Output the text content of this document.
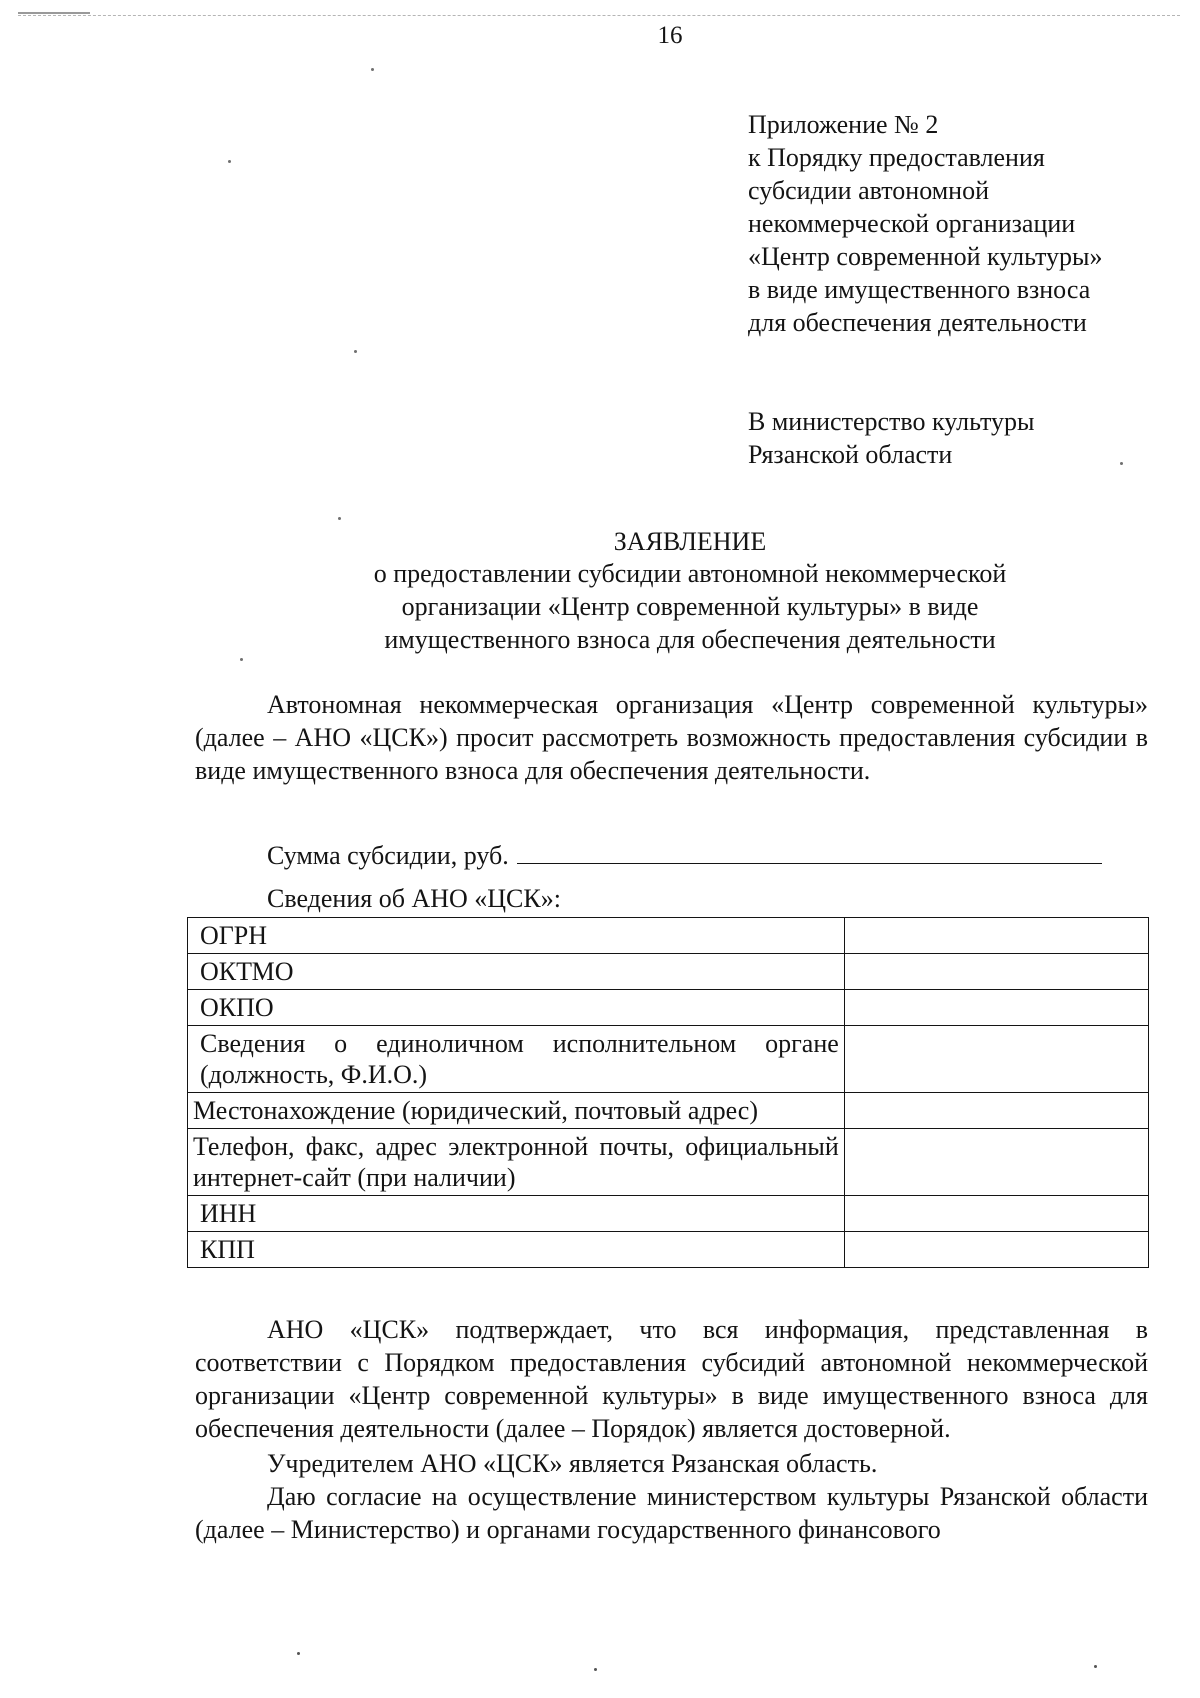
16
Приложение № 2
к Порядку предоставления
субсидии автономной
некоммерческой организации
«Центр современной культуры»
в виде имущественного взноса
для обеспечения деятельности
В министерство культуры
Рязанской области
ЗАЯВЛЕНИЕ
о предоставлении субсидии автономной некоммерческой
организации «Центр современной культуры» в виде
имущественного взноса для обеспечения деятельности
Автономная некоммерческая организация «Центр современной культуры» (далее – АНО «ЦСК») просит рассмотреть возможность предоставления субсидии в виде имущественного взноса для обеспечения деятельности.
Сумма субсидии, руб.
Сведения об АНО «ЦСК»:
ОГРН	
ОКТМО	
ОКПО	
Сведения о единоличном исполнительном органе (должность, Ф.И.О.)	
Местонахождение (юридический, почтовый адрес)	
Телефон, факс, адрес электронной почты, официальный интернет-сайт (при наличии)	
ИНН	
КПП	
АНО «ЦСК» подтверждает, что вся информация, представленная в соответствии с Порядком предоставления субсидий автономной некоммерческой организации «Центр современной культуры» в виде имущественного взноса для обеспечения деятельности (далее – Порядок) является достоверной.
Учредителем АНО «ЦСК» является Рязанская область.
Даю согласие на осуществление министерством культуры Рязанской области (далее – Министерство) и органами государственного финансового
